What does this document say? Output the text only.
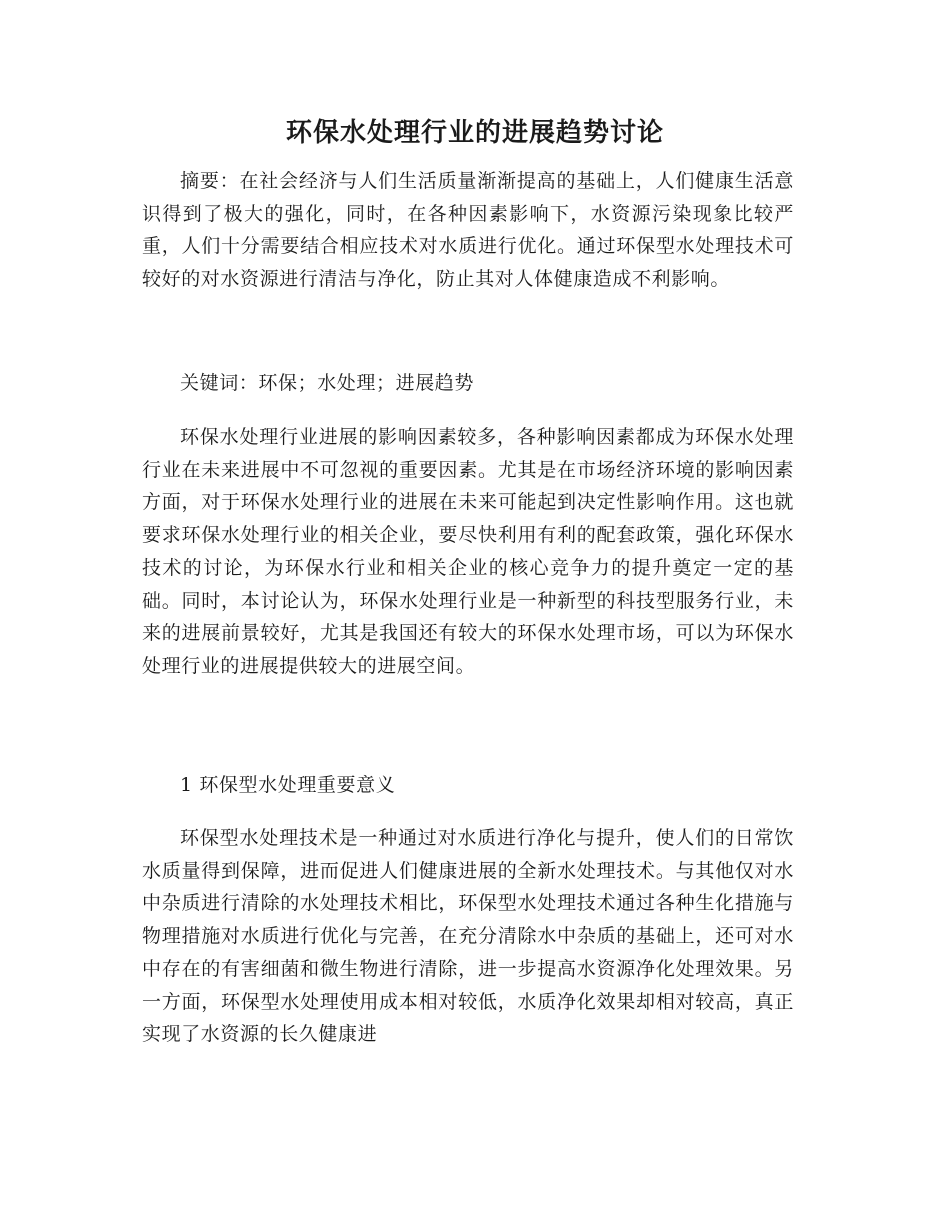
环保水处理行业的进展趋势讨论

摘要：在社会经济与人们生活质量渐渐提高的基础上，人们健康生活意识得到了极大的强化，同时，在各种因素影响下，水资源污染现象比较严重，人们十分需要结合相应技术对水质进行优化。通过环保型水处理技术可较好的对水资源进行清洁与净化，防止其对人体健康造成不利影响。

关键词：环保；水处理；进展趋势

环保水处理行业进展的影响因素较多，各种影响因素都成为环保水处理行业在未来进展中不可忽视的重要因素。尤其是在市场经济环境的影响因素方面，对于环保水处理行业的进展在未来可能起到决定性影响作用。这也就要求环保水处理行业的相关企业，要尽快利用有利的配套政策，强化环保水技术的讨论，为环保水行业和相关企业的核心竞争力的提升奠定一定的基础。同时，本讨论认为，环保水处理行业是一种新型的科技型服务行业，未来的进展前景较好，尤其是我国还有较大的环保水处理市场，可以为环保水处理行业的进展提供较大的进展空间。

1 环保型水处理重要意义

环保型水处理技术是一种通过对水质进行净化与提升，使人们的日常饮水质量得到保障，进而促进人们健康进展的全新水处理技术。与其他仅对水中杂质进行清除的水处理技术相比，环保型水处理技术通过各种生化措施与物理措施对水质进行优化与完善，在充分清除水中杂质的基础上，还可对水中存在的有害细菌和微生物进行清除，进一步提高水资源净化处理效果。另一方面，环保型水处理使用成本相对较低，水质净化效果却相对较高，真正实现了水资源的长久健康进
